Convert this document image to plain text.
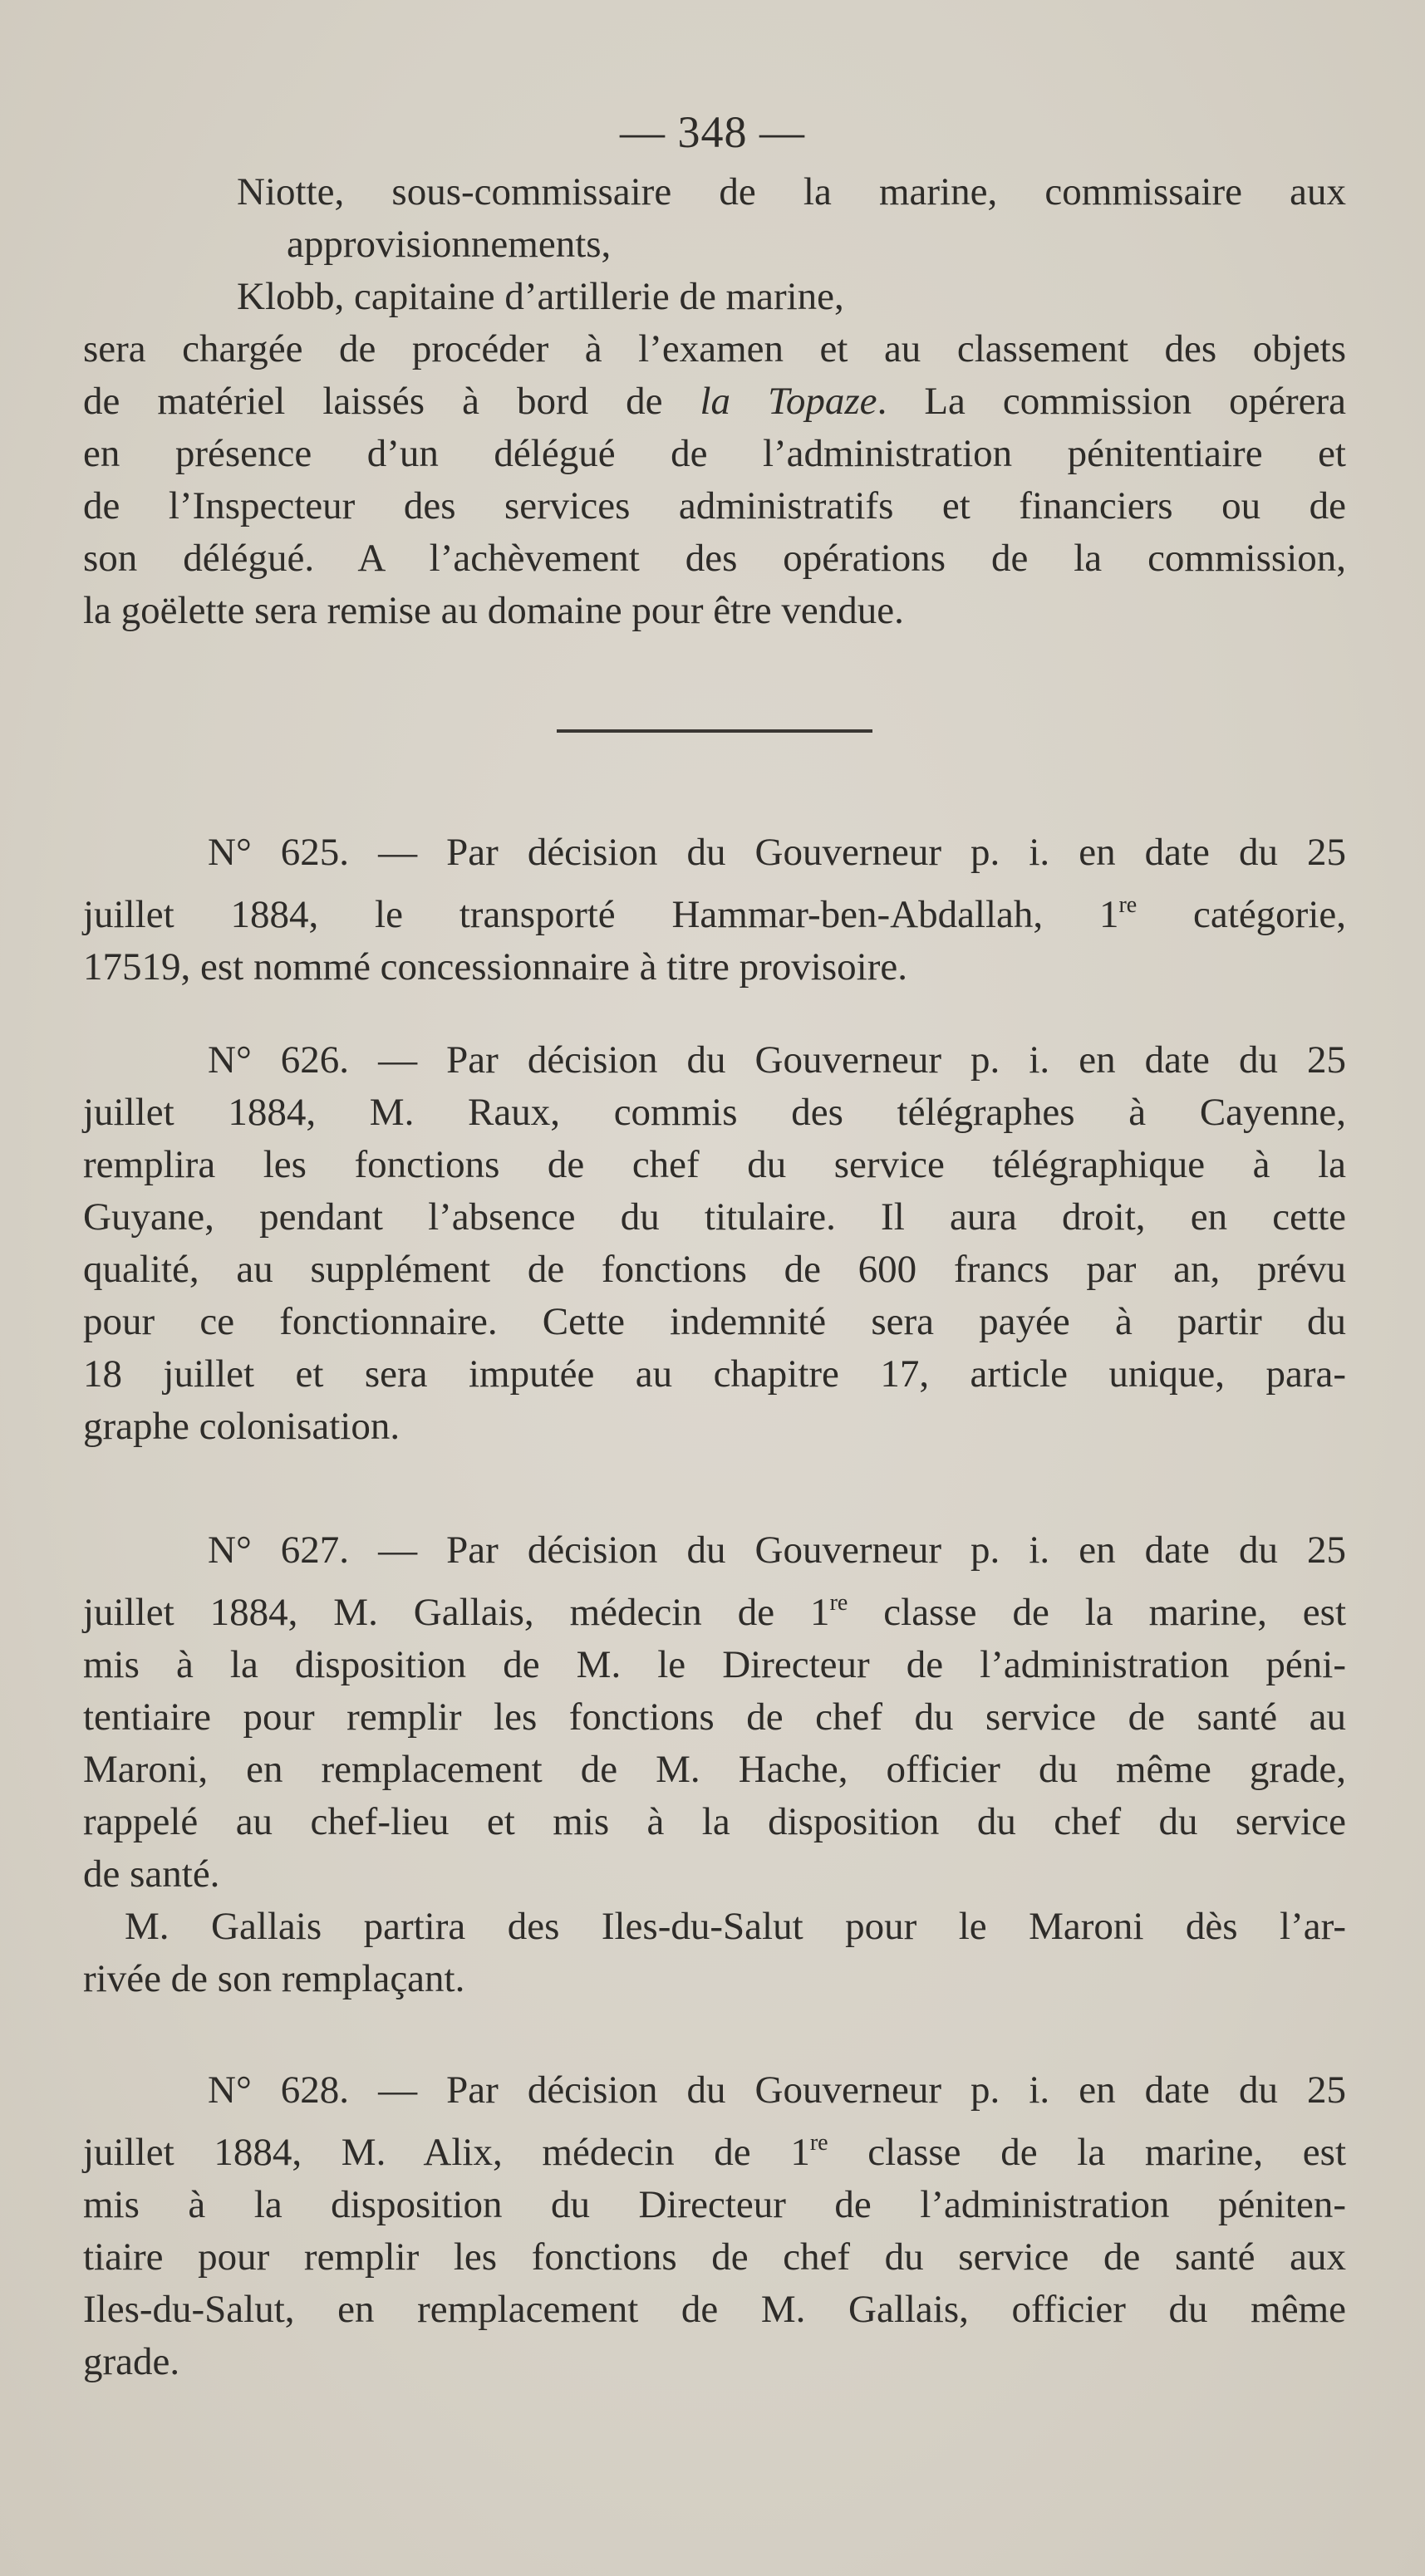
— 348 —
Niotte, sous-commissaire de la marine, commissaire aux
approvisionnements,
Klobb, capitaine d’artillerie de marine,
sera chargée de procéder à l’examen et au classement des objets
de matériel laissés à bord de la Topaze. La commission opérera
en présence d’un délégué de l’administration pénitentiaire et
de l’Inspecteur des services administratifs et financiers ou de
son délégué. A l’achèvement des opérations de la commission,
la goëlette sera remise au domaine pour être vendue.
N° 625. — Par décision du Gouverneur p. i. en date du 25
juillet 1884, le transporté Hammar-ben-Abdallah, 1re catégorie,
17519, est nommé concessionnaire à titre provisoire.
N° 626. — Par décision du Gouverneur p. i. en date du 25
juillet 1884, M. Raux, commis des télégraphes à Cayenne,
remplira les fonctions de chef du service télégraphique à la
Guyane, pendant l’absence du titulaire. Il aura droit, en cette
qualité, au supplément de fonctions de 600 francs par an, prévu
pour ce fonctionnaire. Cette indemnité sera payée à partir du
18 juillet et sera imputée au chapitre 17, article unique, para-
graphe colonisation.
N° 627. — Par décision du Gouverneur p. i. en date du 25
juillet 1884, M. Gallais, médecin de 1re classe de la marine, est
mis à la disposition de M. le Directeur de l’administration péni-
tentiaire pour remplir les fonctions de chef du service de santé au
Maroni, en remplacement de M. Hache, officier du même grade,
rappelé au chef-lieu et mis à la disposition du chef du service
de santé.
M. Gallais partira des Iles-du-Salut pour le Maroni dès l’ar-
rivée de son remplaçant.
N° 628. — Par décision du Gouverneur p. i. en date du 25
juillet 1884, M. Alix, médecin de 1re classe de la marine, est
mis à la disposition du Directeur de l’administration péniten-
tiaire pour remplir les fonctions de chef du service de santé aux
Iles-du-Salut, en remplacement de M. Gallais, officier du même
grade.
